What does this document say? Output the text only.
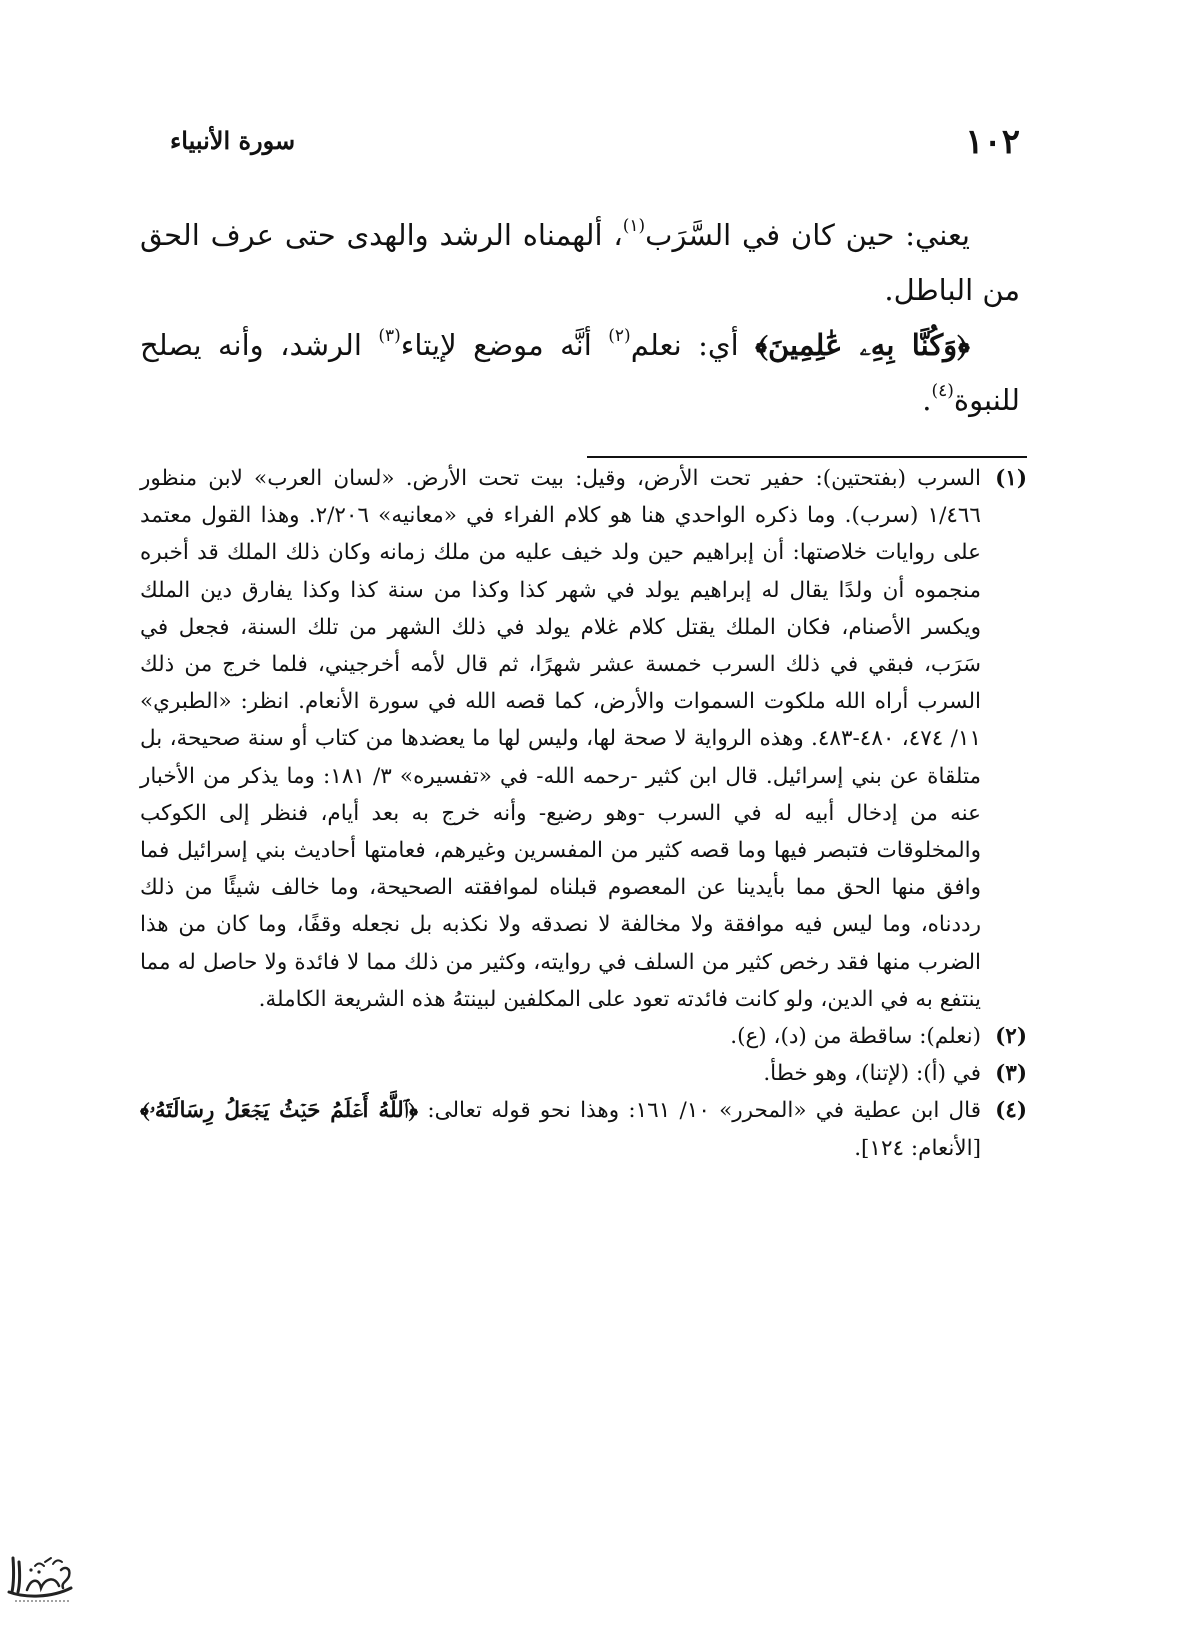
١٠٢
سورة الأنبياء

يعني: حين كان في السَّرَب$^{(١)}$، ألهمناه الرشد والهدى حتى عرف الحق من الباطل.

﴿وَكُنَّا بِهِۦ عَٰلِمِينَ﴾ أي: نعلم$^{(٢)}$ أنَّه موضع لإيتاء$^{(٣)}$ الرشد، وأنه يصلح للنبوة$^{(٤)}$.

(١)

السرب (بفتحتين): حفير تحت الأرض، وقيل: بيت تحت الأرض. «لسان العرب» لابن منظور ١/٤٦٦ (سرب). وما ذكره الواحدي هنا هو كلام الفراء في «معانيه» ٢/٢٠٦. وهذا القول معتمد على روايات خلاصتها: أن إبراهيم حين ولد خيف عليه من ملك زمانه وكان ذلك الملك قد أخبره منجموه أن ولدًا يقال له إبراهيم يولد في شهر كذا وكذا من سنة كذا وكذا يفارق دين الملك ويكسر الأصنام، فكان الملك يقتل كلام غلام يولد في ذلك الشهر من تلك السنة، فجعل في سَرَب، فبقي في ذلك السرب خمسة عشر شهرًا، ثم قال لأمه أخرجيني، فلما خرج من ذلك السرب أراه الله ملكوت السموات والأرض، كما قصه الله في سورة الأنعام. انظر: «الطبري» ١١/ ٤٧٤، ٤٨٠-٤٨٣. وهذه الرواية لا صحة لها، وليس لها ما يعضدها من كتاب أو سنة صحيحة، بل متلقاة عن بني إسرائيل. قال ابن كثير -رحمه الله- في «تفسيره» ٣/ ١٨١: وما يذكر من الأخبار عنه من إدخال أبيه له في السرب -وهو رضيع- وأنه خرج به بعد أيام، فنظر إلى الكوكب والمخلوقات فتبصر فيها وما قصه كثير من المفسرين وغيرهم، فعامتها أحاديث بني إسرائيل فما وافق منها الحق مما بأيدينا عن المعصوم قبلناه لموافقته الصحيحة، وما خالف شيئًا من ذلك رددناه، وما ليس فيه موافقة ولا مخالفة لا نصدقه ولا نكذبه بل نجعله وقفًا، وما كان من هذا الضرب منها فقد رخص كثير من السلف في روايته، وكثير من ذلك مما لا فائدة ولا حاصل له مما ينتفع به في الدين، ولو كانت فائدته تعود على المكلفين لبينتهُ هذه الشريعة الكاملة.

(٢)

(نعلم): ساقطة من (د)، (ع).

(٣)

في (أ): (لإتنا)، وهو خطأ.

(٤)

قال ابن عطية في «المحرر» ١٠/ ١٦١: وهذا نحو قوله تعالى: ﴿ٱللَّهُ أَعۡلَمُ حَيۡثُ يَجۡعَلُ رِسَالَتَهُۥ﴾ [الأنعام: ١٢٤].
